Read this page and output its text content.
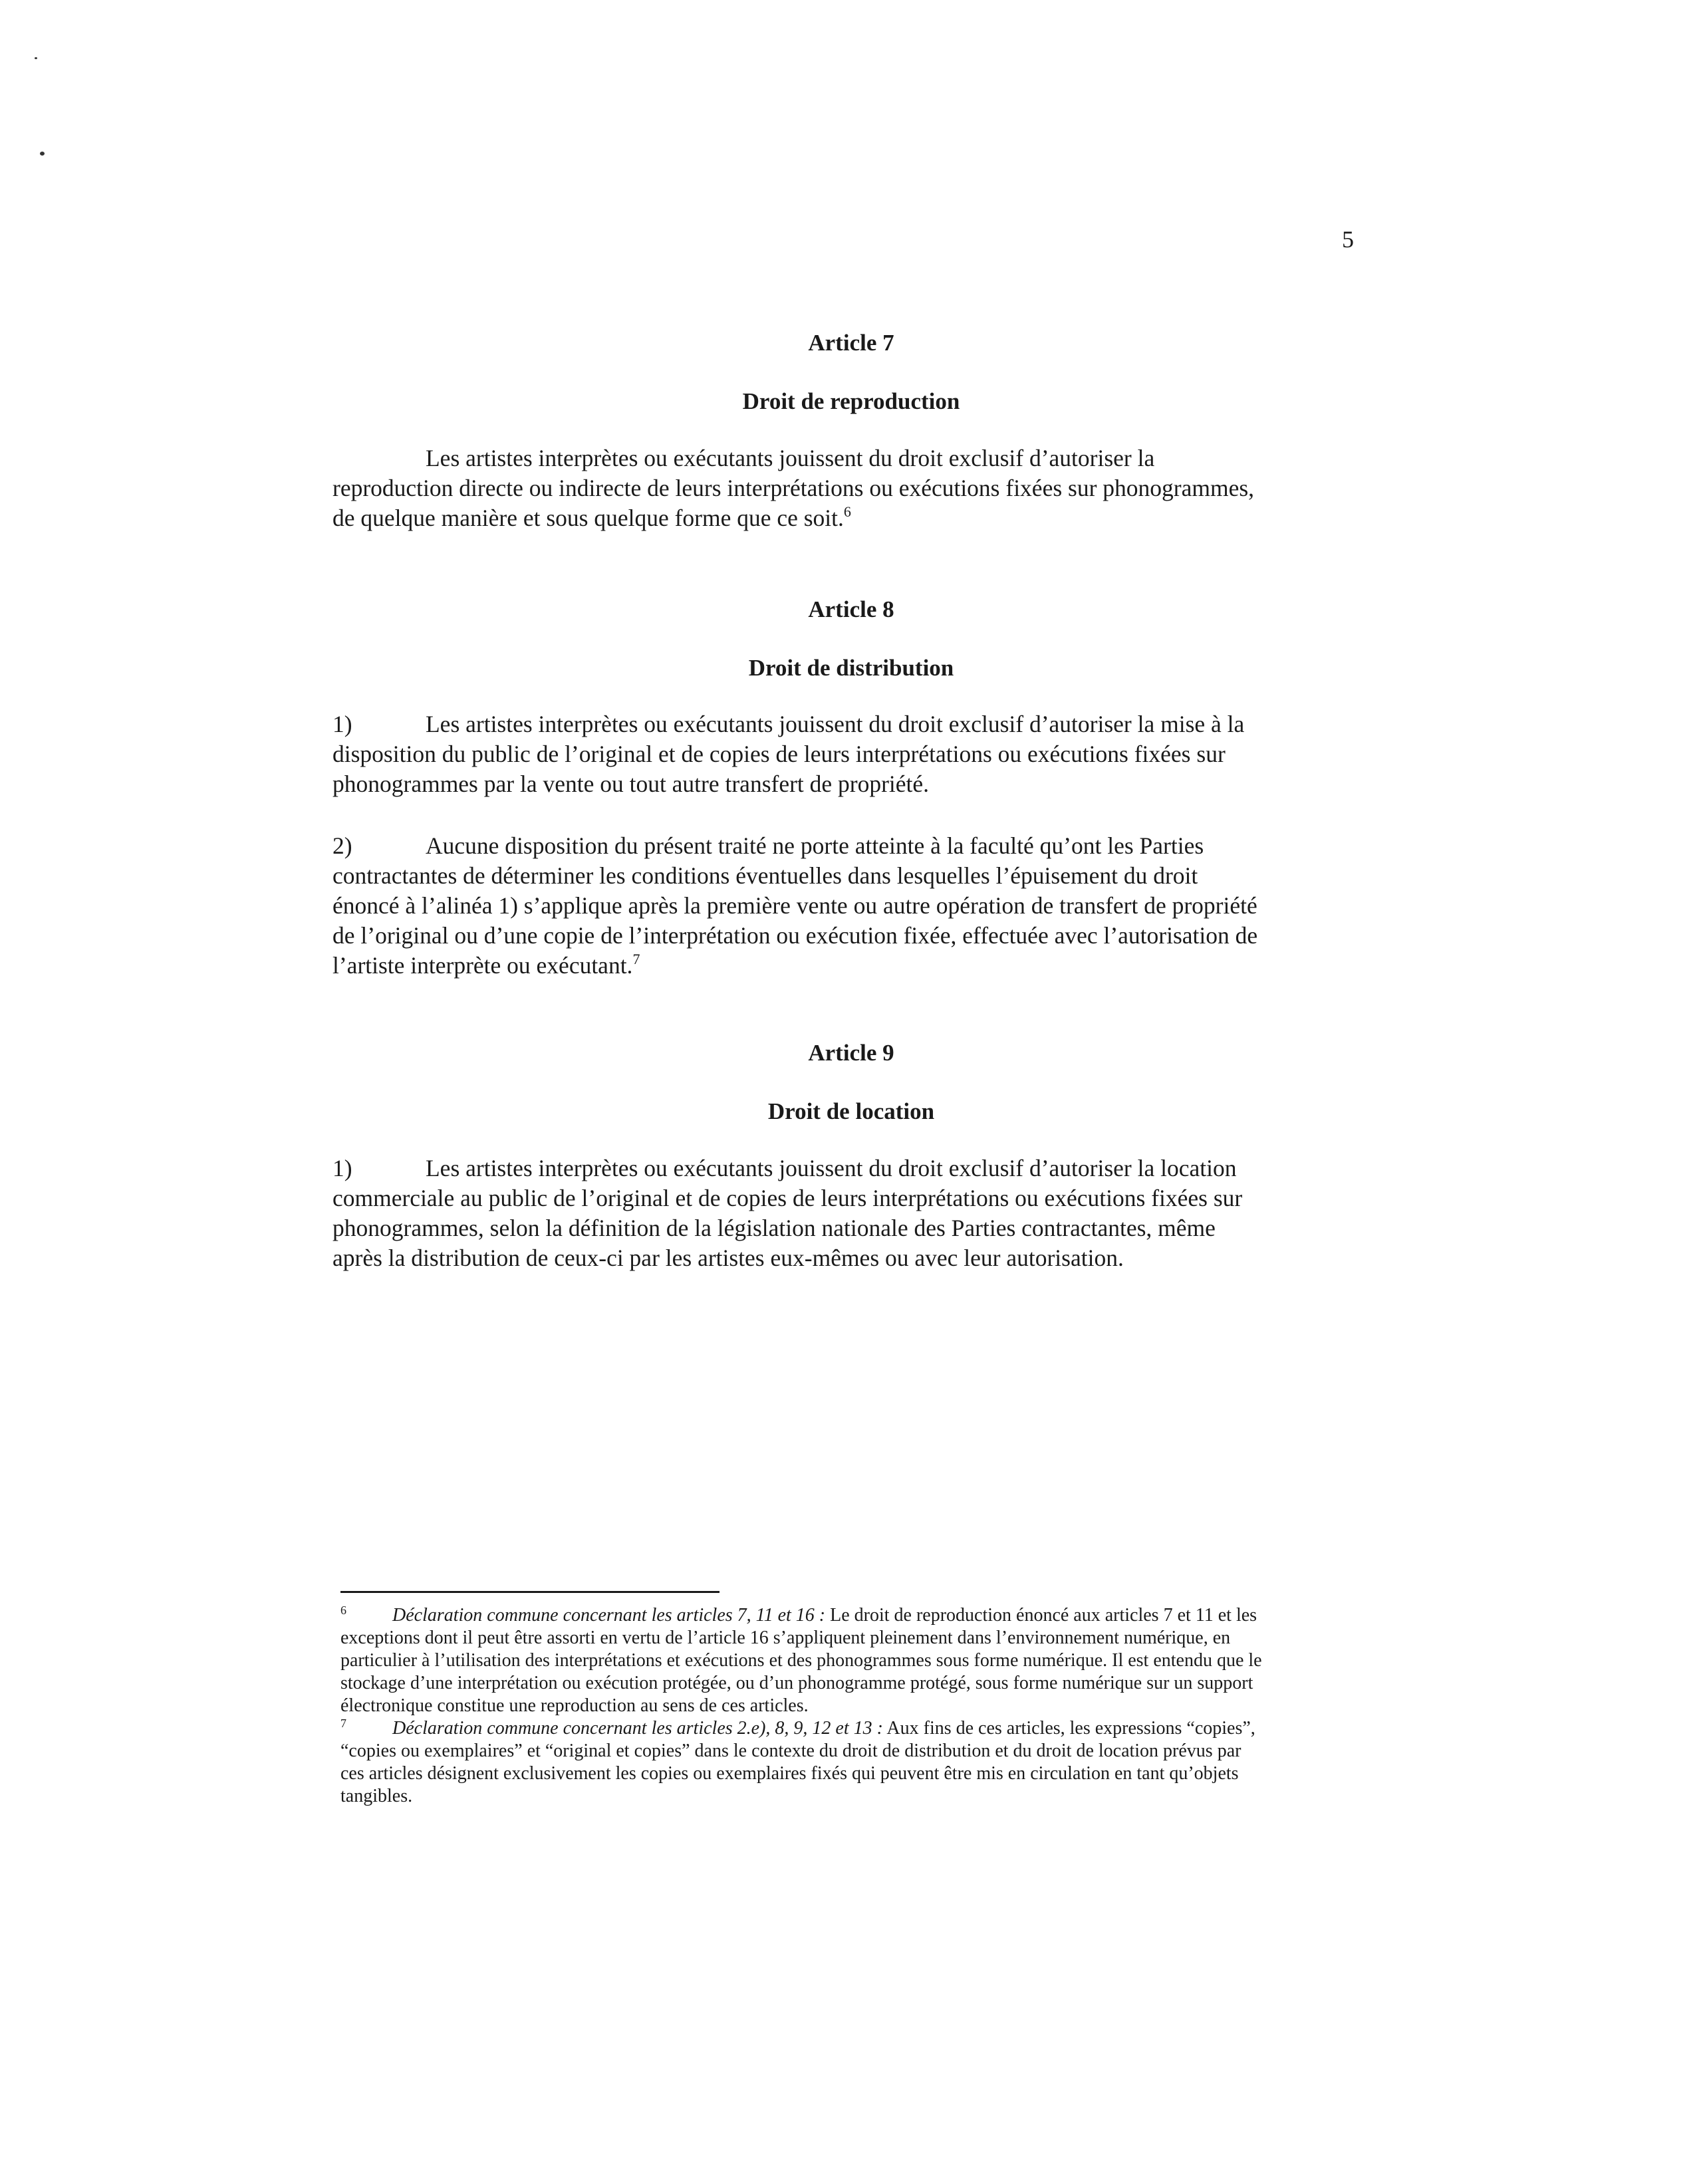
5
Article 7
Droit de reproduction
Les artistes interprètes ou exécutants jouissent du droit exclusif d’autoriser la
reproduction directe ou indirecte de leurs interprétations ou exécutions fixées sur phonogrammes,
de quelque manière et sous quelque forme que ce soit.$^6$
Article 8
Droit de distribution
1)	Les artistes interprètes ou exécutants jouissent du droit exclusif d’autoriser la mise à la
disposition du public de l’original et de copies de leurs interprétations ou exécutions fixées sur
phonogrammes par la vente ou tout autre transfert de propriété.
2)	Aucune disposition du présent traité ne porte atteinte à la faculté qu’ont les Parties
contractantes de déterminer les conditions éventuelles dans lesquelles l’épuisement du droit
énoncé à l’alinéa 1) s’applique après la première vente ou autre opération de transfert de propriété
de l’original ou d’une copie de l’interprétation ou exécution fixée, effectuée avec l’autorisation de
l’artiste interprète ou exécutant.$^7$
Article 9
Droit de location
1)	Les artistes interprètes ou exécutants jouissent du droit exclusif d’autoriser la location
commerciale au public de l’original et de copies de leurs interprétations ou exécutions fixées sur
phonogrammes, selon la définition de la législation nationale des Parties contractantes, même
après la distribution de ceux-ci par les artistes eux-mêmes ou avec leur autorisation.
6 Déclaration commune concernant les articles 7, 11 et 16 : Le droit de reproduction énoncé aux articles 7 et 11 et les
exceptions dont il peut être assorti en vertu de l’article 16 s’appliquent pleinement dans l’environnement numérique, en
particulier à l’utilisation des interprétations et exécutions et des phonogrammes sous forme numérique. Il est entendu que le
stockage d’une interprétation ou exécution protégée, ou d’un phonogramme protégé, sous forme numérique sur un support
électronique constitue une reproduction au sens de ces articles.
7 Déclaration commune concernant les articles 2.e), 8, 9, 12 et 13 : Aux fins de ces articles, les expressions “copies”,
“copies ou exemplaires” et “original et copies” dans le contexte du droit de distribution et du droit de location prévus par
ces articles désignent exclusivement les copies ou exemplaires fixés qui peuvent être mis en circulation en tant qu’objets
tangibles.
